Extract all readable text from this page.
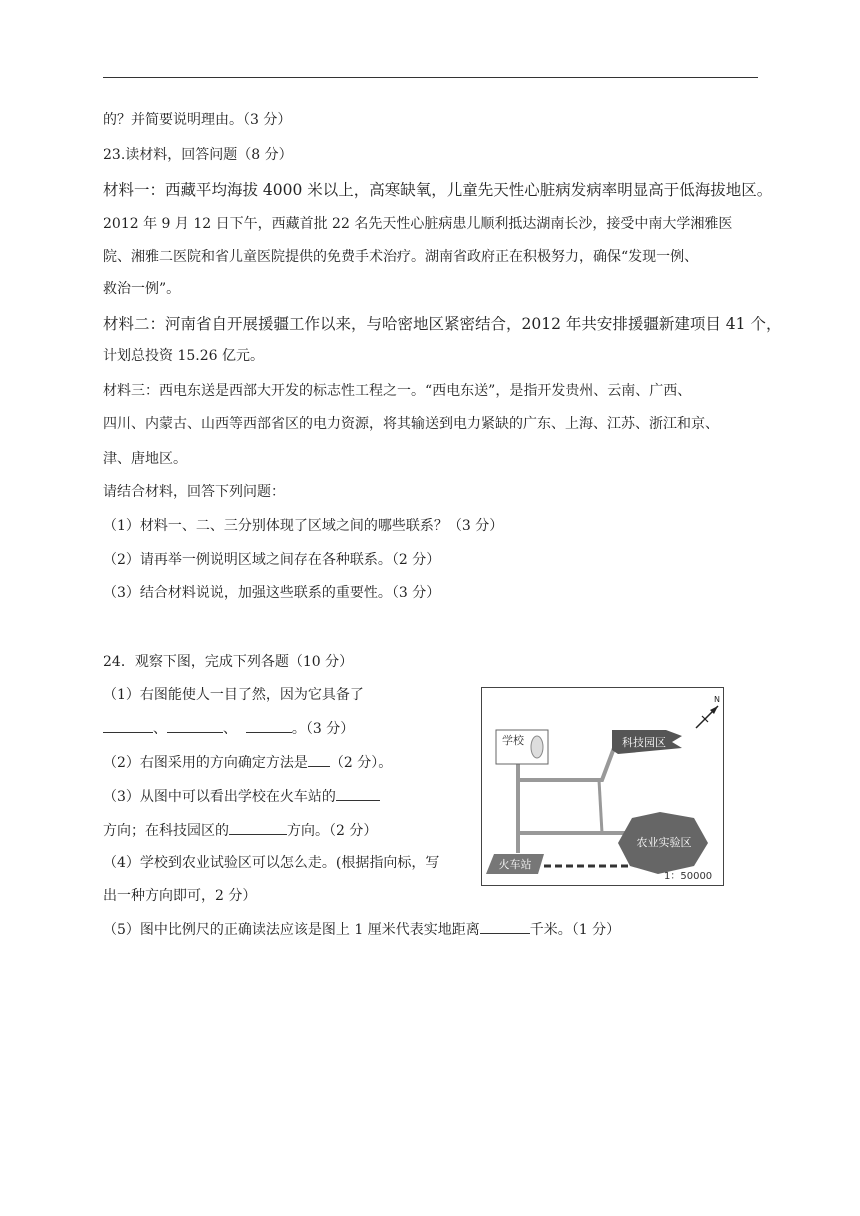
的？并简要说明理由。（3 分）
23.读材料，回答问题（8 分）
材料一：西藏平均海拔 4000 米以上，高寒缺氧，儿童先天性心脏病发病率明显高于低海拔地区。
2012 年 9 月 12 日下午，西藏首批 22 名先天性心脏病患儿顺利抵达湖南长沙，接受中南大学湘雅医
院、湘雅二医院和省儿童医院提供的免费手术治疗。湖南省政府正在积极努力，确保“发现一例、
救治一例”。
材料二：河南省自开展援疆工作以来，与哈密地区紧密结合，2012 年共安排援疆新建项目 41 个，
计划总投资 15.26 亿元。
材料三：西电东送是西部大开发的标志性工程之一。“西电东送”，是指开发贵州、云南、广西、
四川、内蒙古、山西等西部省区的电力资源，将其输送到电力紧缺的广东、上海、江苏、浙江和京、
津、唐地区。
请结合材料，回答下列问题：
（1）材料一、二、三分别体现了区域之间的哪些联系？（3 分）
（2）请再举一例说明区域之间存在各种联系。（2 分）
（3）结合材料说说，加强这些联系的重要性。（3 分）
24．观察下图，完成下列各题（10 分）
（1）右图能使人一目了然，因为它具备了
、	、	。（3 分）
（2）右图采用的方向确定方法是 （2 分）。
（3）从图中可以看出学校在火车站的
方向；在科技园区的	方向。（2 分）
（4）学校到农业试验区可以怎么走。(根据指向标，写
出一种方向即可，2 分）
（5）图中比例尺的正确读法应该是图上 1 厘米代表实地距离	千米。（1 分）
学校	科技园区
农业实验区
火车站
1：50000
N
